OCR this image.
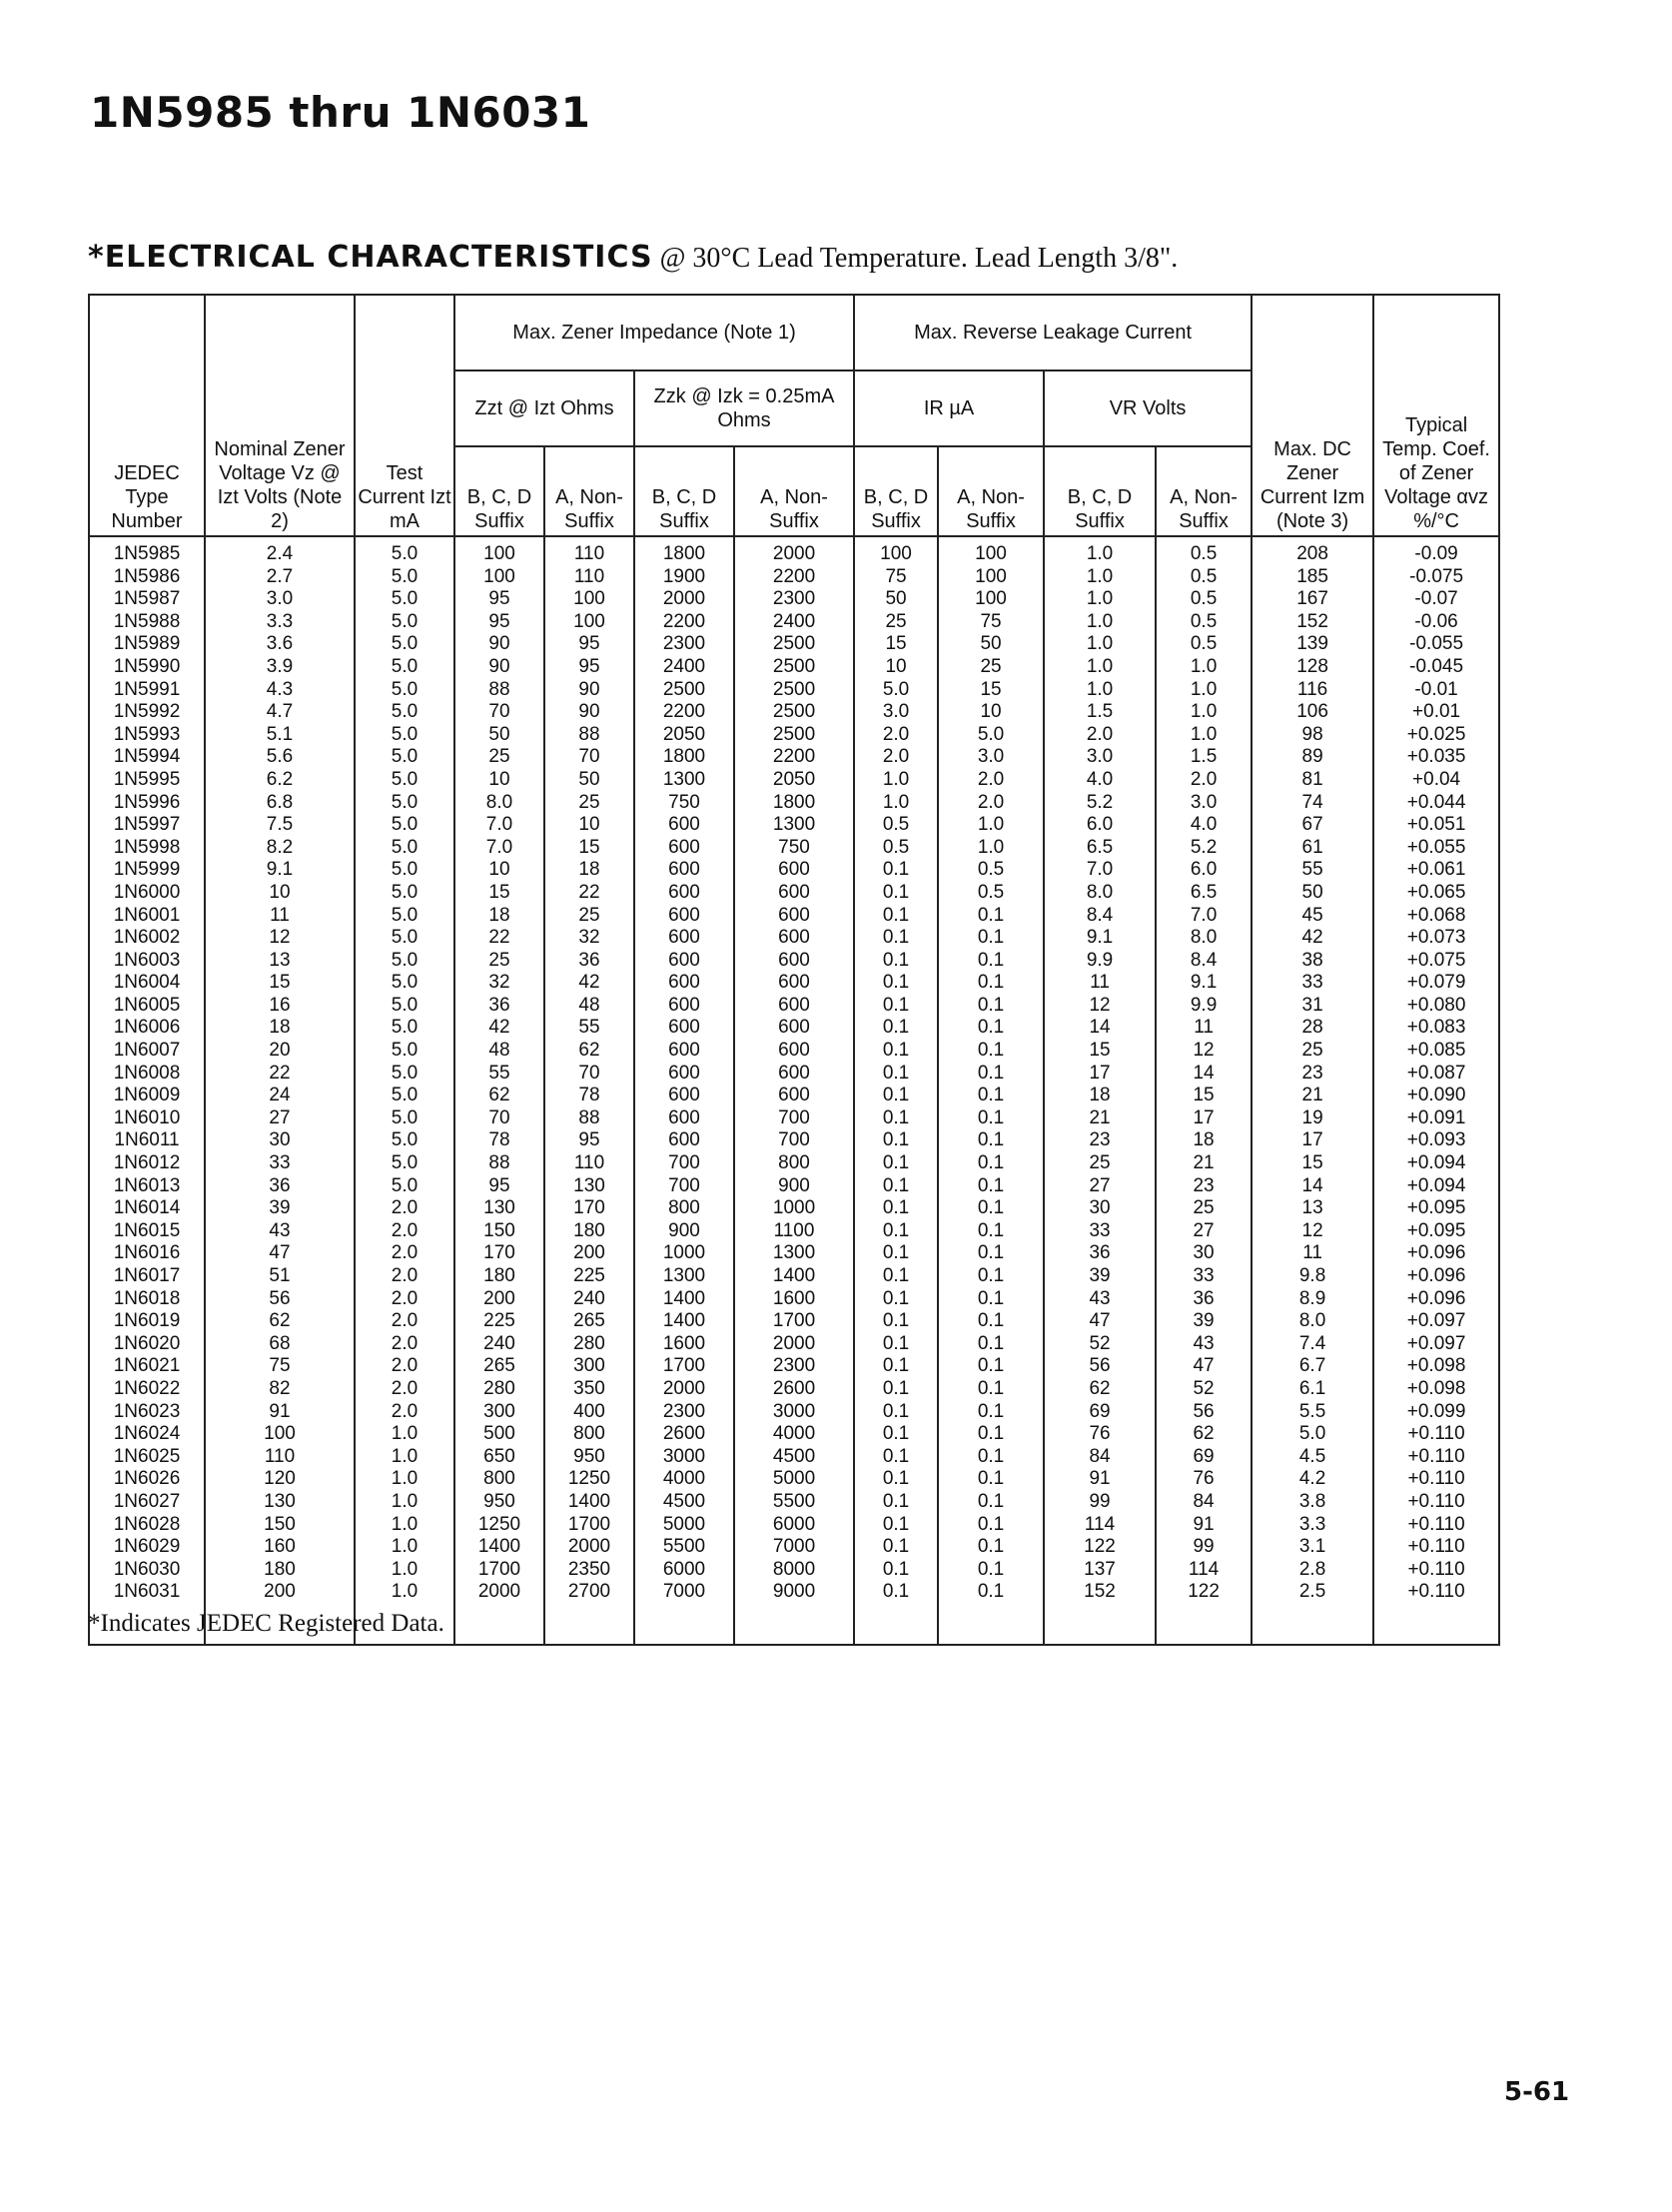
1N5985 thru 1N6031
*ELECTRICAL CHARACTERISTICS @ 30°C Lead Temperature. Lead Length 3/8".
JEDEC Type Number	Nominal Zener Voltage Vz @ Izt Volts (Note 2)	Test Current Izt mA	Max. Zener Impedance (Note 1)				Max. Reverse Leakage Current				Max. DC Zener Current Izm (Note 3)	Typical Temp. Coef. of Zener Voltage αvz %/°C
			Zzt @ Izt Ohms		Zzk @ Izk = 0.25mA Ohms		IR µA		VR Volts			
			B, C, D Suffix	A, Non- Suffix	B, C, D Suffix	A, Non- Suffix	B, C, D Suffix	A, Non- Suffix	B, C, D Suffix	A, Non- Suffix		
1N5985	2.4	5.0	100	110	1800	2000	100	100	1.0	0.5	208	-0.09
1N5986	2.7	5.0	100	110	1900	2200	75	100	1.0	0.5	185	-0.075
1N5987	3.0	5.0	95	100	2000	2300	50	100	1.0	0.5	167	-0.07
1N5988	3.3	5.0	95	100	2200	2400	25	75	1.0	0.5	152	-0.06
1N5989	3.6	5.0	90	95	2300	2500	15	50	1.0	0.5	139	-0.055
1N5990	3.9	5.0	90	95	2400	2500	10	25	1.0	1.0	128	-0.045
1N5991	4.3	5.0	88	90	2500	2500	5.0	15	1.0	1.0	116	-0.01
1N5992	4.7	5.0	70	90	2200	2500	3.0	10	1.5	1.0	106	+0.01
1N5993	5.1	5.0	50	88	2050	2500	2.0	5.0	2.0	1.0	98	+0.025
1N5994	5.6	5.0	25	70	1800	2200	2.0	3.0	3.0	1.5	89	+0.035
1N5995	6.2	5.0	10	50	1300	2050	1.0	2.0	4.0	2.0	81	+0.04
1N5996	6.8	5.0	8.0	25	750	1800	1.0	2.0	5.2	3.0	74	+0.044
1N5997	7.5	5.0	7.0	10	600	1300	0.5	1.0	6.0	4.0	67	+0.051
1N5998	8.2	5.0	7.0	15	600	750	0.5	1.0	6.5	5.2	61	+0.055
1N5999	9.1	5.0	10	18	600	600	0.1	0.5	7.0	6.0	55	+0.061
1N6000	10	5.0	15	22	600	600	0.1	0.5	8.0	6.5	50	+0.065
1N6001	11	5.0	18	25	600	600	0.1	0.1	8.4	7.0	45	+0.068
1N6002	12	5.0	22	32	600	600	0.1	0.1	9.1	8.0	42	+0.073
1N6003	13	5.0	25	36	600	600	0.1	0.1	9.9	8.4	38	+0.075
1N6004	15	5.0	32	42	600	600	0.1	0.1	11	9.1	33	+0.079
1N6005	16	5.0	36	48	600	600	0.1	0.1	12	9.9	31	+0.080
1N6006	18	5.0	42	55	600	600	0.1	0.1	14	11	28	+0.083
1N6007	20	5.0	48	62	600	600	0.1	0.1	15	12	25	+0.085
1N6008	22	5.0	55	70	600	600	0.1	0.1	17	14	23	+0.087
1N6009	24	5.0	62	78	600	600	0.1	0.1	18	15	21	+0.090
1N6010	27	5.0	70	88	600	700	0.1	0.1	21	17	19	+0.091
1N6011	30	5.0	78	95	600	700	0.1	0.1	23	18	17	+0.093
1N6012	33	5.0	88	110	700	800	0.1	0.1	25	21	15	+0.094
1N6013	36	5.0	95	130	700	900	0.1	0.1	27	23	14	+0.094
1N6014	39	2.0	130	170	800	1000	0.1	0.1	30	25	13	+0.095
1N6015	43	2.0	150	180	900	1100	0.1	0.1	33	27	12	+0.095
1N6016	47	2.0	170	200	1000	1300	0.1	0.1	36	30	11	+0.096
1N6017	51	2.0	180	225	1300	1400	0.1	0.1	39	33	9.8	+0.096
1N6018	56	2.0	200	240	1400	1600	0.1	0.1	43	36	8.9	+0.096
1N6019	62	2.0	225	265	1400	1700	0.1	0.1	47	39	8.0	+0.097
1N6020	68	2.0	240	280	1600	2000	0.1	0.1	52	43	7.4	+0.097
1N6021	75	2.0	265	300	1700	2300	0.1	0.1	56	47	6.7	+0.098
1N6022	82	2.0	280	350	2000	2600	0.1	0.1	62	52	6.1	+0.098
1N6023	91	2.0	300	400	2300	3000	0.1	0.1	69	56	5.5	+0.099
1N6024	100	1.0	500	800	2600	4000	0.1	0.1	76	62	5.0	+0.110
1N6025	110	1.0	650	950	3000	4500	0.1	0.1	84	69	4.5	+0.110
1N6026	120	1.0	800	1250	4000	5000	0.1	0.1	91	76	4.2	+0.110
1N6027	130	1.0	950	1400	4500	5500	0.1	0.1	99	84	3.8	+0.110
1N6028	150	1.0	1250	1700	5000	6000	0.1	0.1	114	91	3.3	+0.110
1N6029	160	1.0	1400	2000	5500	7000	0.1	0.1	122	99	3.1	+0.110
1N6030	180	1.0	1700	2350	6000	8000	0.1	0.1	137	114	2.8	+0.110
1N6031	200	1.0	2000	2700	7000	9000	0.1	0.1	152	122	2.5	+0.110
*Indicates JEDEC Registered Data.
5-61
